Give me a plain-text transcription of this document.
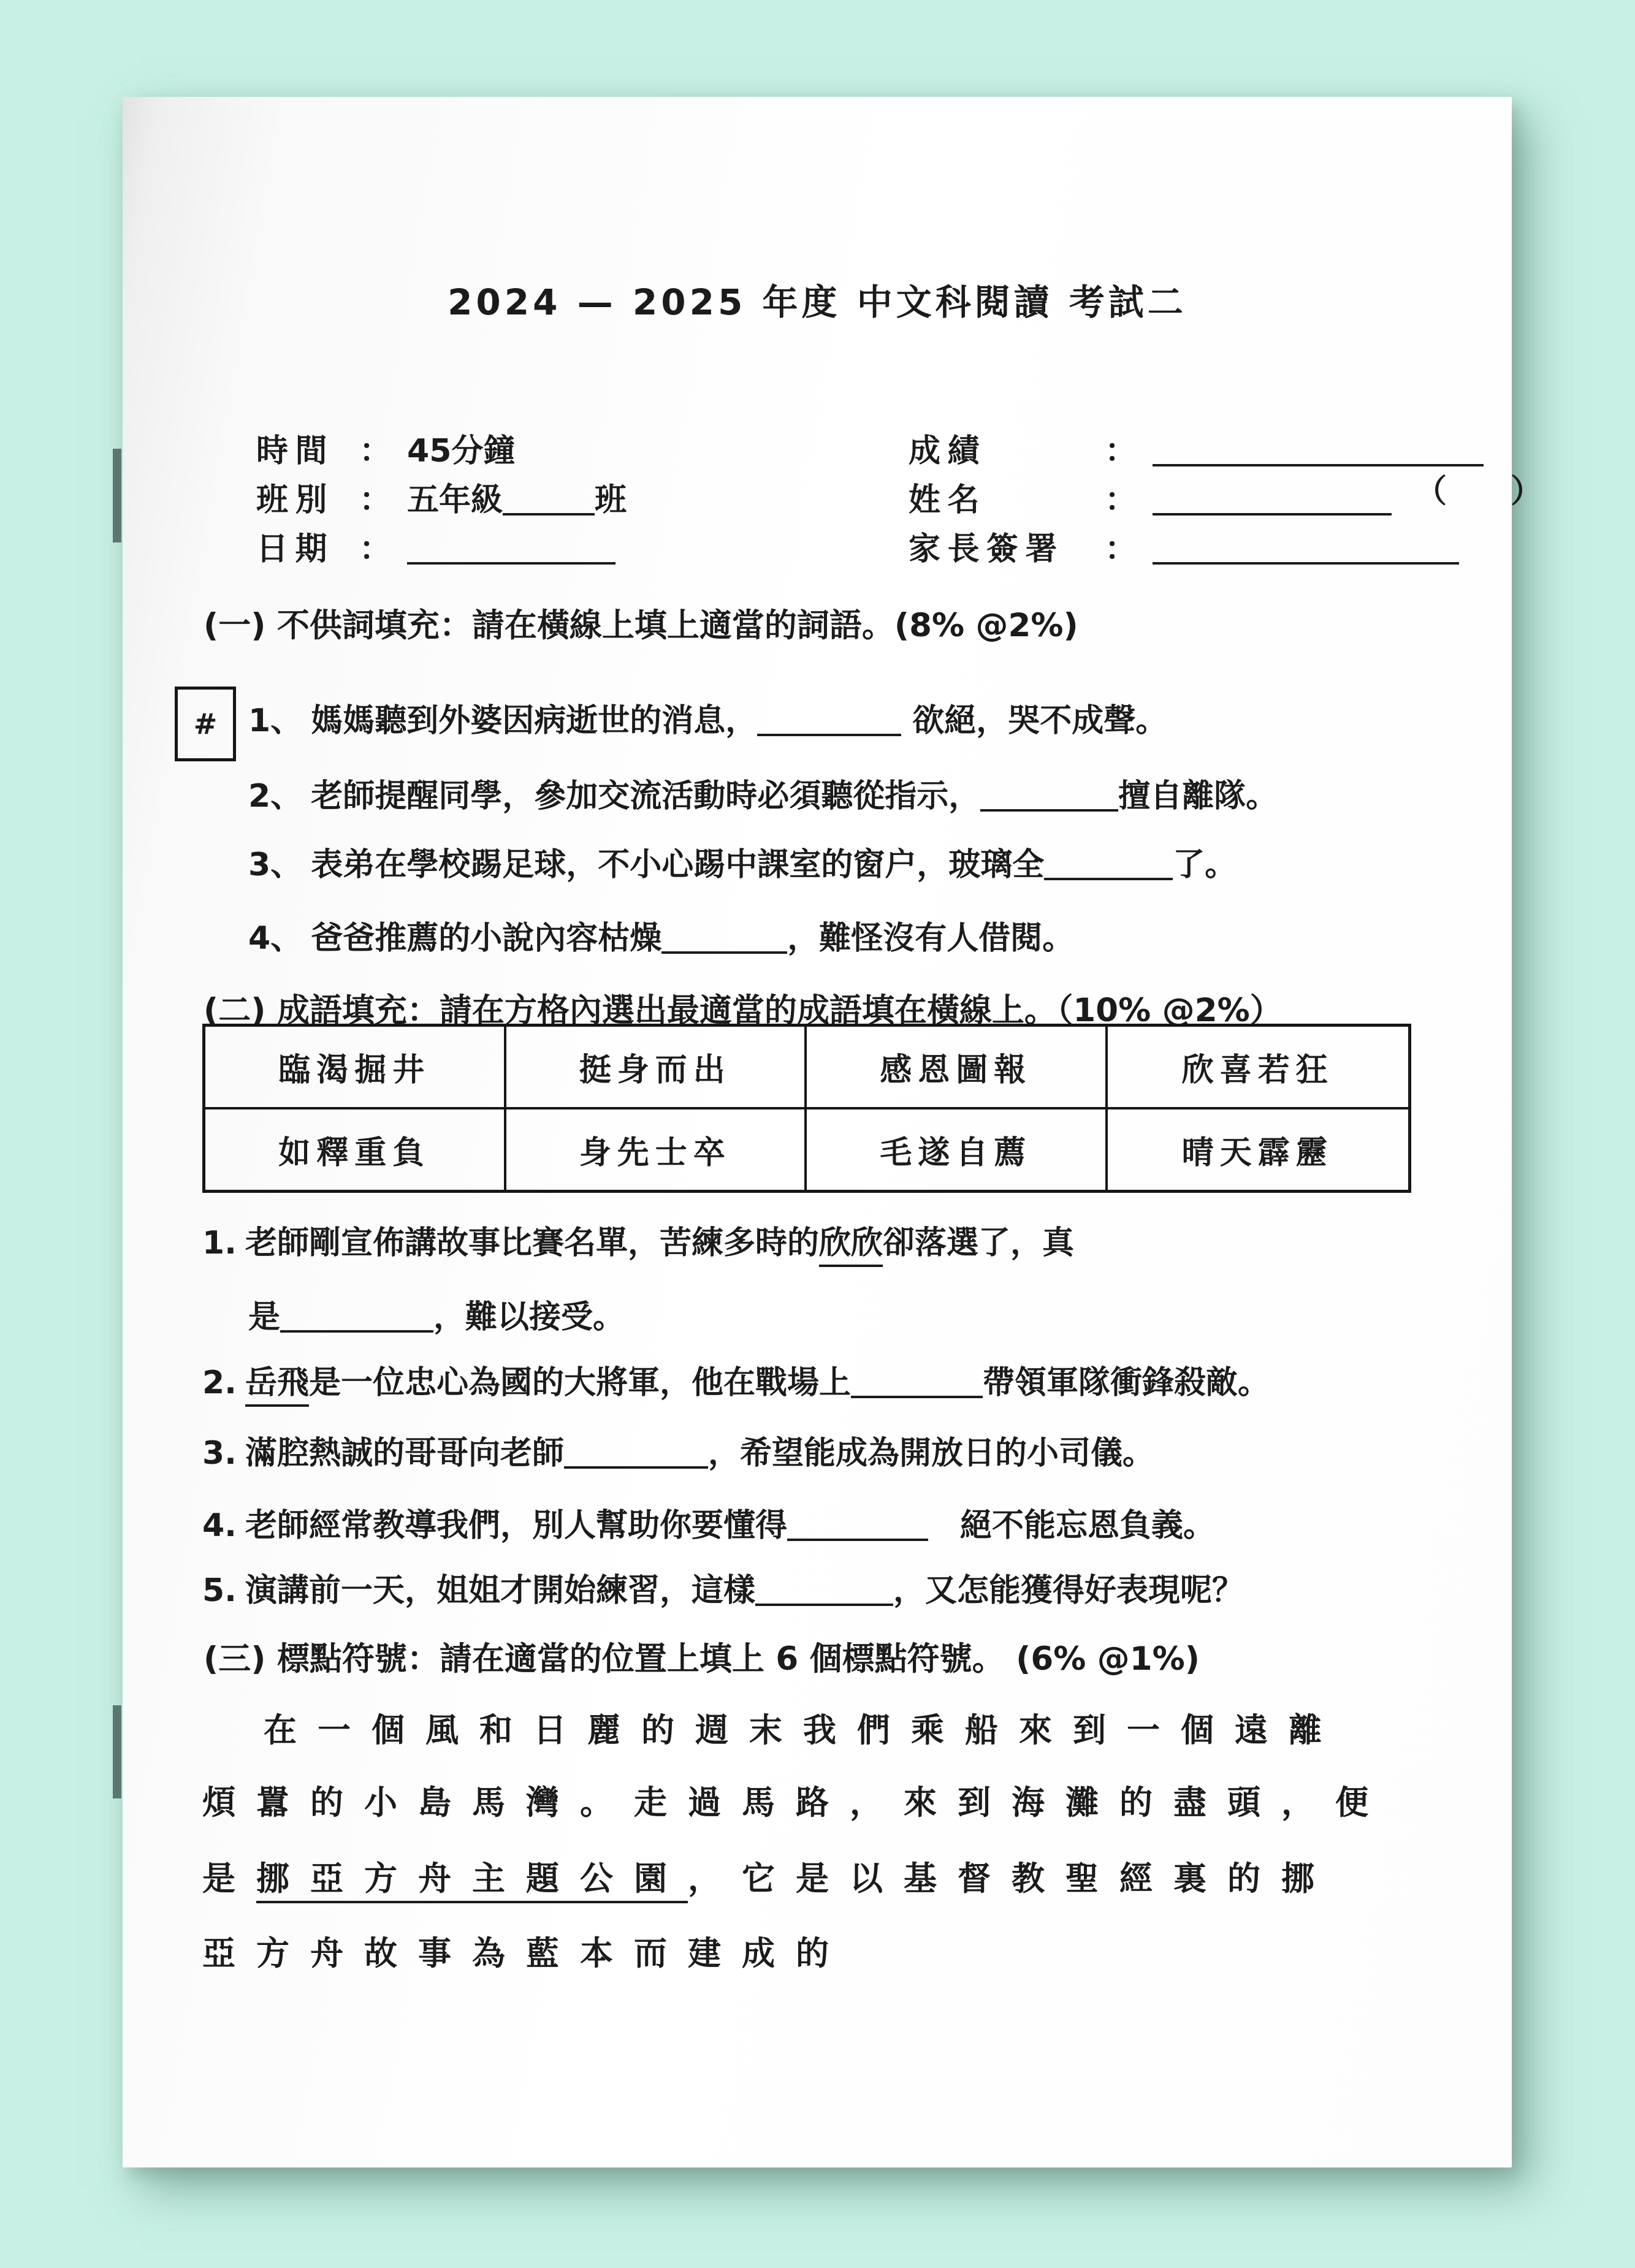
2024 — 2025 年度 中文科閱讀 考試二
#
時間 ： 45分鐘
班別 ： 五年級	班
日期 ：
成績	：
姓名	：	（　　）
家長簽署 ：
(一) 不供詞填充：請在橫線上填上適當的詞語。(8% @2%)
1、 媽媽聽到外婆因病逝世的消息，	欲絕，哭不成聲。
2、 老師提醒同學，參加交流活動時必須聽從指示，	擅自離隊。
3、 表弟在學校踢足球，不小心踢中課室的窗户，玻璃全	了。
4、 爸爸推薦的小說內容枯燥	，難怪沒有人借閱。
(二) 成語填充：請在方格內選出最適當的成語填在橫線上。（10% @2%）
臨渴掘井	挺身而出	感恩圖報	欣喜若狂
如釋重負	身先士卒	毛遂自薦	晴天霹靂
1. 老師剛宣佈講故事比賽名單，苦練多時的欣欣卻落選了，真
是	，難以接受。
2. 岳飛是一位忠心為國的大將軍，他在戰場上	帶領軍隊衝鋒殺敵。
3. 滿腔熱誠的哥哥向老師	，希望能成為開放日的小司儀。
4. 老師經常教導我們，別人幫助你要懂得	　絕不能忘恩負義。
5. 演講前一天，姐姐才開始練習，這樣	，又怎能獲得好表現呢？
(三) 標點符號：請在適當的位置上填上 6 個標點符號。 (6% @1%)
在一個風和日麗的週末我們乘船來到一個遠離
煩囂的小島馬灣。走過馬路，來到海灘的盡頭，便
是挪亞方舟主題公園，它是以基督教聖經裏的挪
亞方舟故事為藍本而建成的
